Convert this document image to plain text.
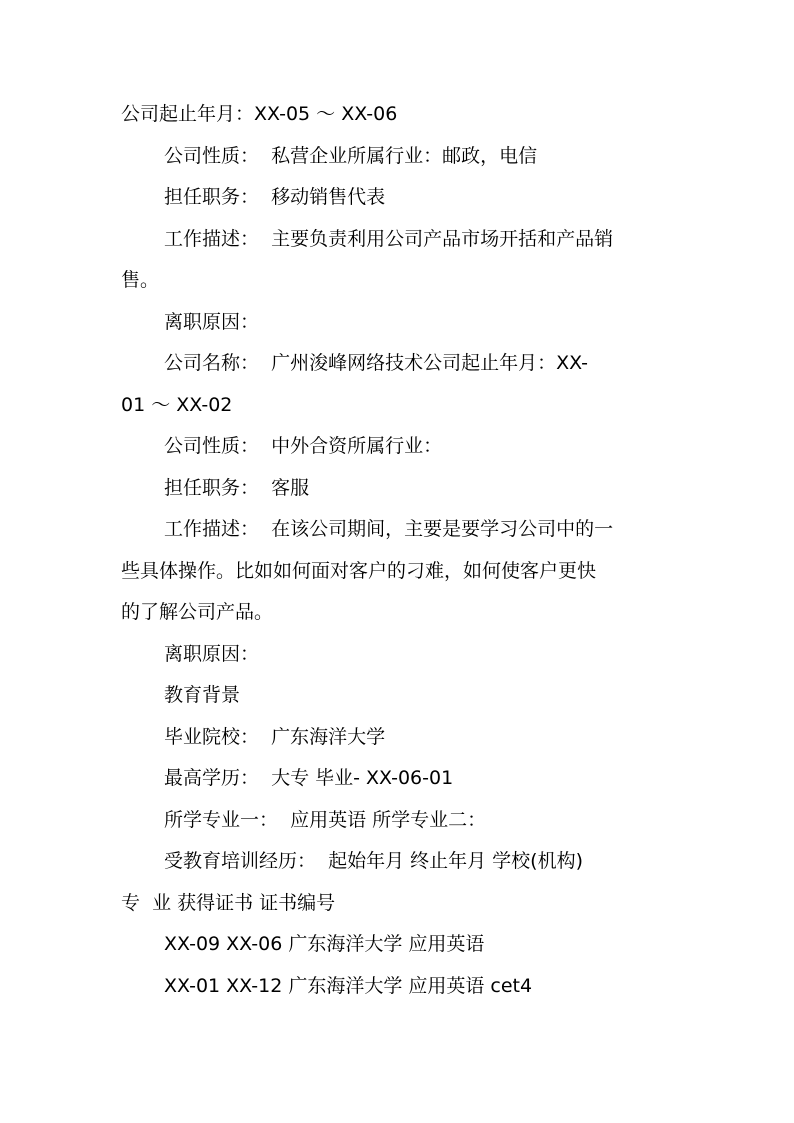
公司起止年月：XX-05 ～ XX-06
公司性质：  私营企业所属行业：邮政，电信
担任职务：  移动销售代表
工作描述：  主要负责利用公司产品市场开括和产品销
售。
离职原因：
公司名称：  广州浚峰网络技术公司起止年月：XX-
01 ～ XX-02
公司性质：  中外合资所属行业：
担任职务：  客服
工作描述：  在该公司期间，主要是要学习公司中的一
些具体操作。比如如何面对客户的刁难，如何使客户更快
的了解公司产品。
离职原因：
教育背景
毕业院校：  广东海洋大学
最高学历：  大专 毕业- XX-06-01
所学专业一：  应用英语 所学专业二：
受教育培训经历：  起始年月 终止年月 学校(机构)
专  业 获得证书 证书编号
XX-09 XX-06 广东海洋大学 应用英语
XX-01 XX-12 广东海洋大学 应用英语 cet4
